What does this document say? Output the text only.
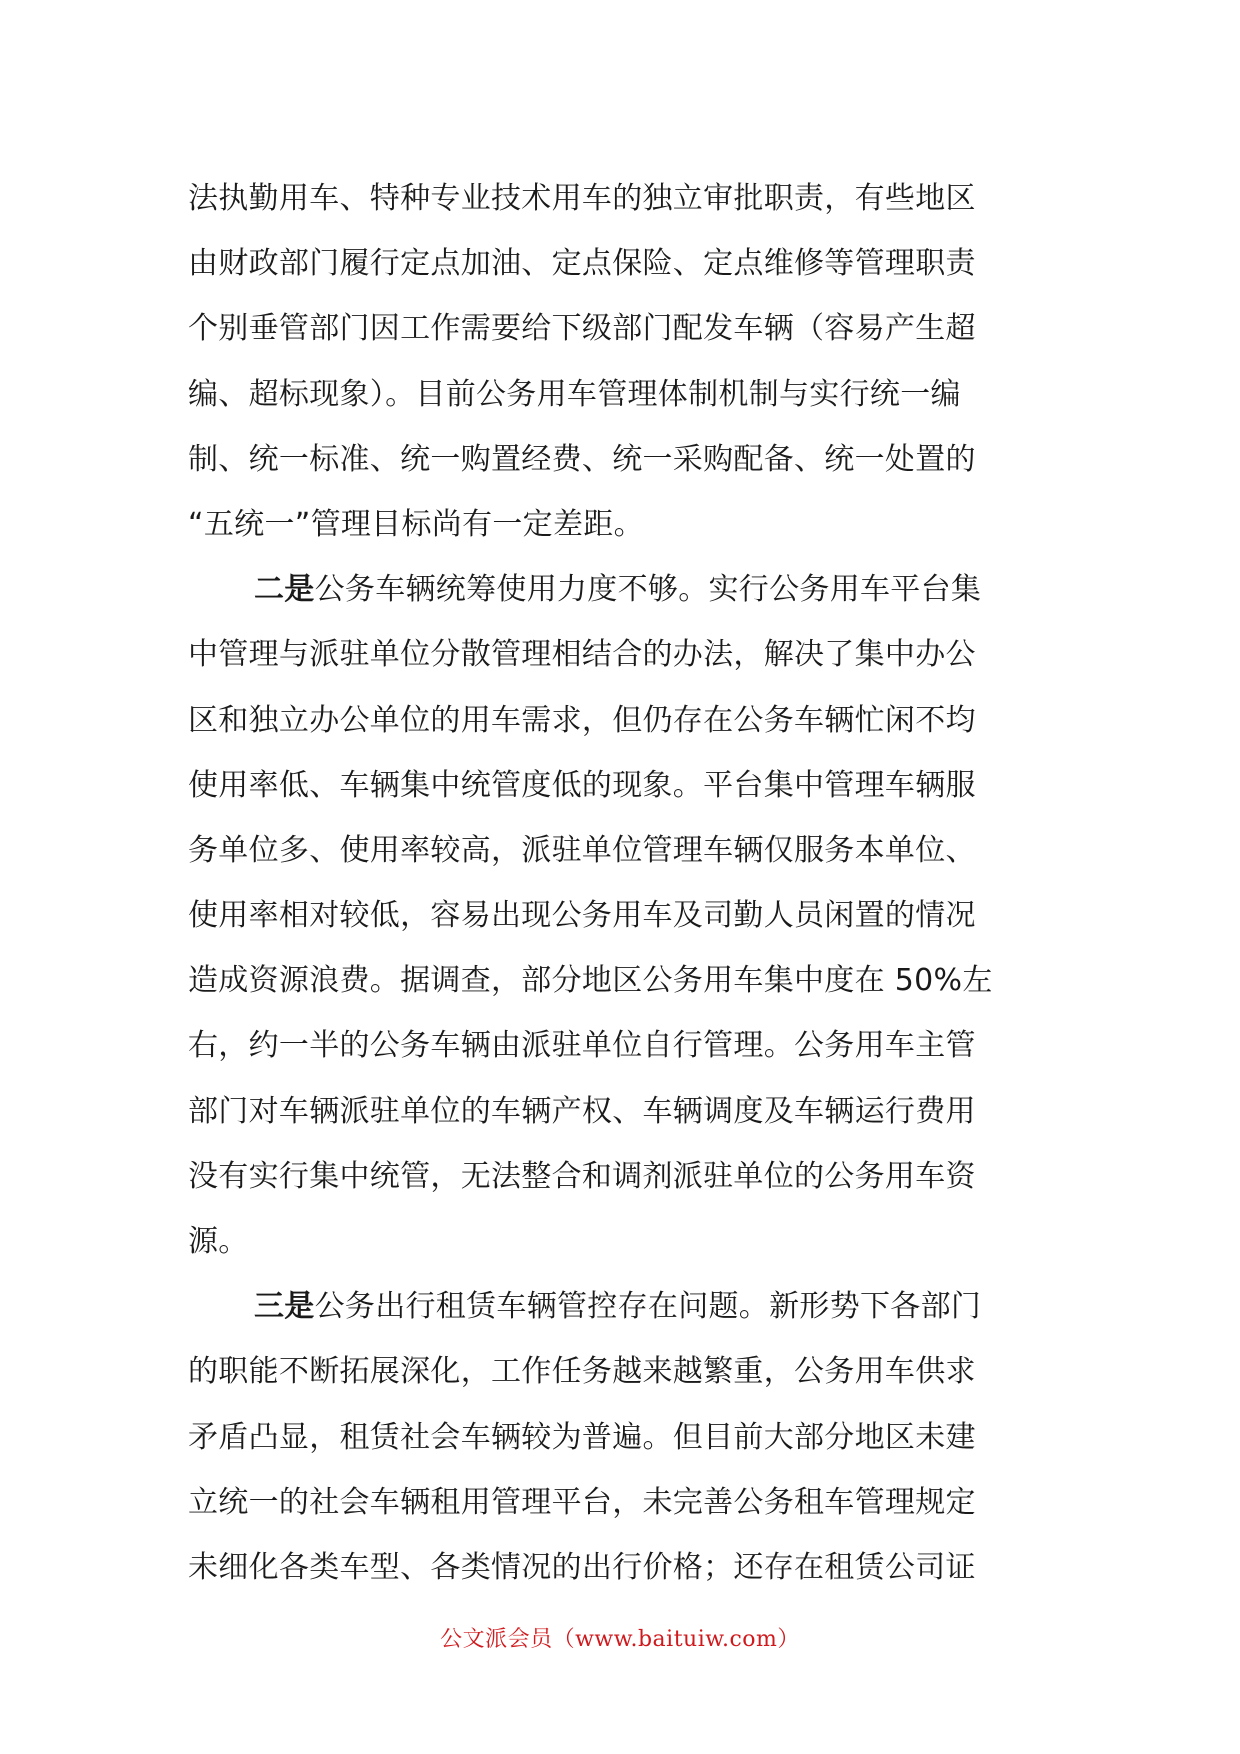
法执勤用车、特种专业技术用车的独立审批职责，有些地区
由财政部门履行定点加油、定点保险、定点维修等管理职责
个别垂管部门因工作需要给下级部门配发车辆（容易产生超
编、超标现象）。目前公务用车管理体制机制与实行统一编
制、统一标准、统一购置经费、统一采购配备、统一处置的
“五统一”管理目标尚有一定差距。
二是公务车辆统筹使用力度不够。实行公务用车平台集
中管理与派驻单位分散管理相结合的办法，解决了集中办公
区和独立办公单位的用车需求，但仍存在公务车辆忙闲不均
使用率低、车辆集中统管度低的现象。平台集中管理车辆服
务单位多、使用率较高，派驻单位管理车辆仅服务本单位、
使用率相对较低，容易出现公务用车及司勤人员闲置的情况
造成资源浪费。据调查，部分地区公务用车集中度在 50%左
右，约一半的公务车辆由派驻单位自行管理。公务用车主管
部门对车辆派驻单位的车辆产权、车辆调度及车辆运行费用
没有实行集中统管，无法整合和调剂派驻单位的公务用车资
源。
三是公务出行租赁车辆管控存在问题。新形势下各部门
的职能不断拓展深化，工作任务越来越繁重，公务用车供求
矛盾凸显，租赁社会车辆较为普遍。但目前大部分地区未建
立统一的社会车辆租用管理平台，未完善公务租车管理规定
未细化各类车型、各类情况的出行价格；还存在租赁公司证
公文派会员（www.baituiw.com）
